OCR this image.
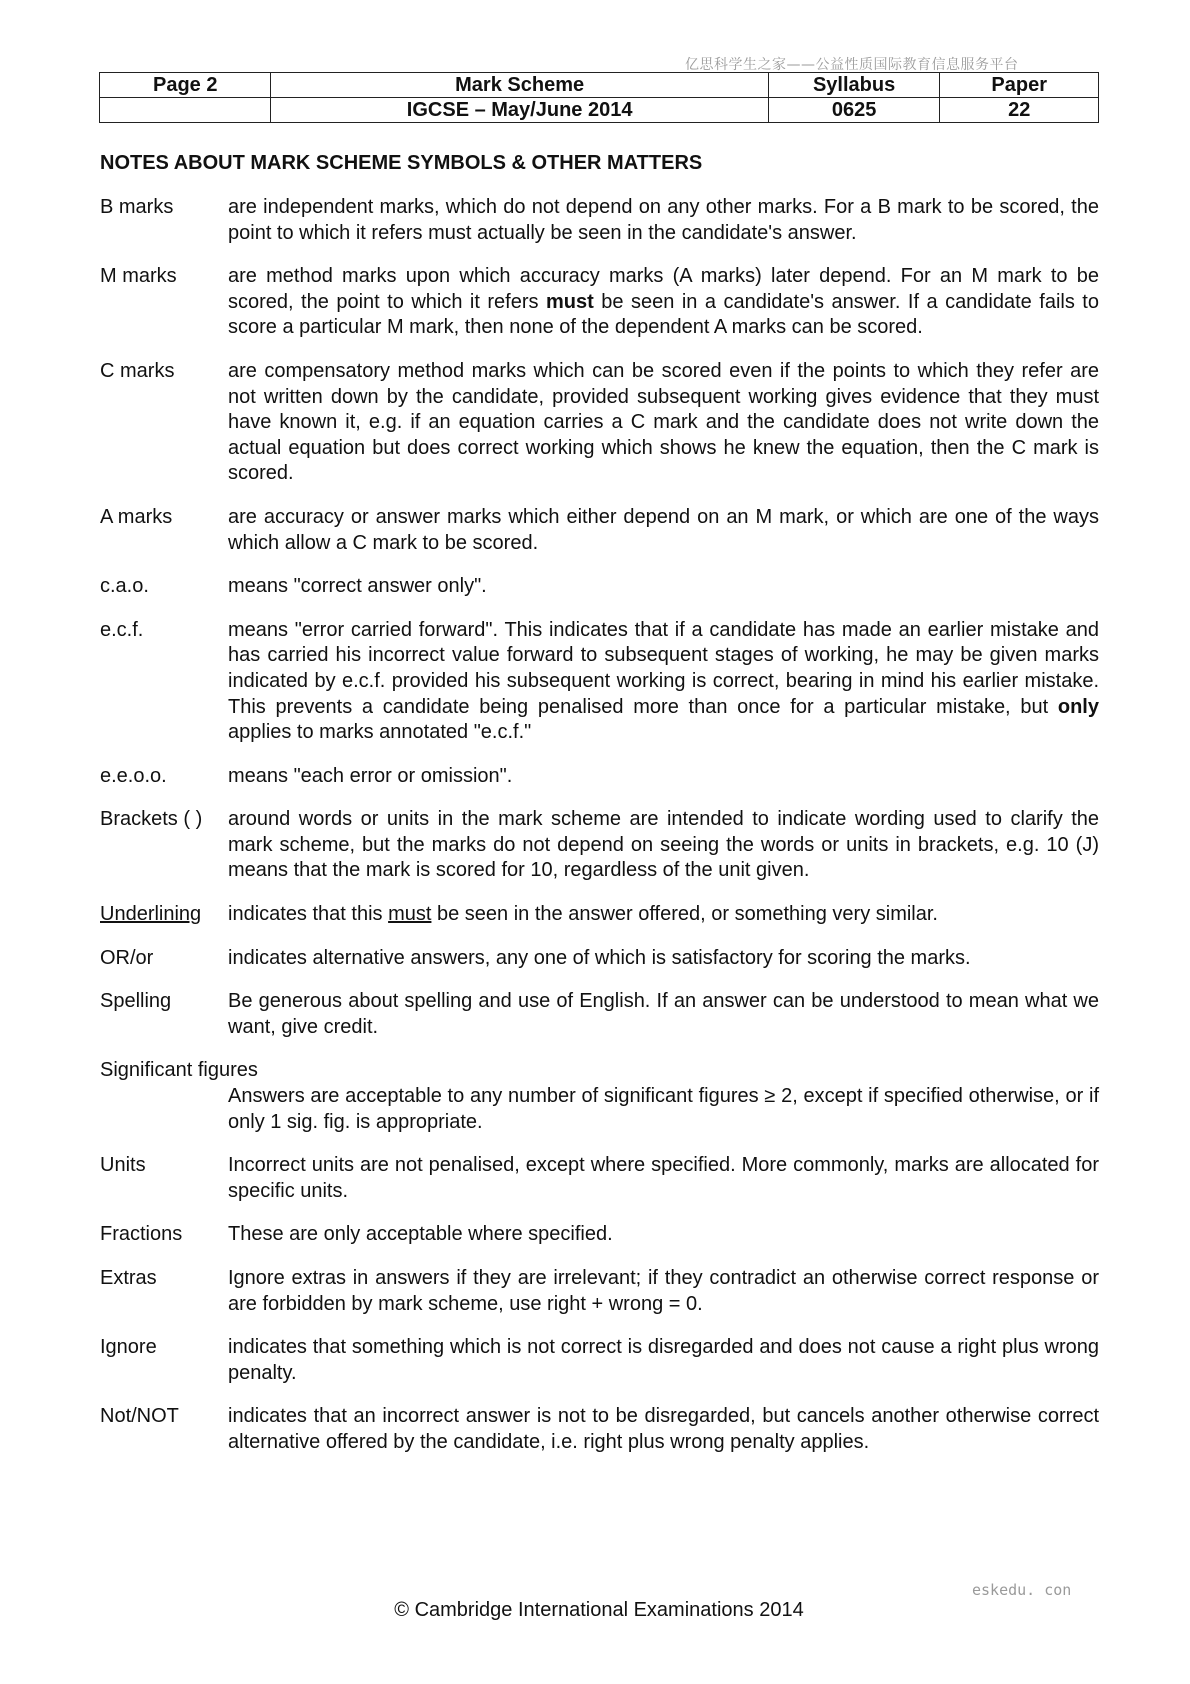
亿思科学生之家——公益性质国际教育信息服务平台
Page 2	Mark Scheme	Syllabus	Paper
	IGCSE – May/June 2014	0625	22
NOTES ABOUT MARK SCHEME SYMBOLS & OTHER MATTERS
B marks	are independent marks, which do not depend on any other marks. For a B mark to be scored, the point to which it refers must actually be seen in the candidate's answer.
M marks	are method marks upon which accuracy marks (A marks) later depend. For an M mark to be scored, the point to which it refers must be seen in a candidate's answer. If a candidate fails to score a particular M mark, then none of the dependent A marks can be scored.
C marks	are compensatory method marks which can be scored even if the points to which they refer are not written down by the candidate, provided subsequent working gives evidence that they must have known it, e.g. if an equation carries a C mark and the candidate does not write down the actual equation but does correct working which shows he knew the equation, then the C mark is scored.
A marks	are accuracy or answer marks which either depend on an M mark, or which are one of the ways which allow a C mark to be scored.
c.a.o.	means "correct answer only".
e.c.f.	means "error carried forward". This indicates that if a candidate has made an earlier mistake and has carried his incorrect value forward to subsequent stages of working, he may be given marks indicated by e.c.f. provided his subsequent working is correct, bearing in mind his earlier mistake. This prevents a candidate being penalised more than once for a particular mistake, but only applies to marks annotated "e.c.f."
e.e.o.o.	means "each error or omission".
Brackets ( )	around words or units in the mark scheme are intended to indicate wording used to clarify the mark scheme, but the marks do not depend on seeing the words or units in brackets, e.g. 10 (J) means that the mark is scored for 10, regardless of the unit given.
Underlining	indicates that this must be seen in the answer offered, or something very similar.
OR/or	indicates alternative answers, any one of which is satisfactory for scoring the marks.
Spelling	Be generous about spelling and use of English. If an answer can be understood to mean what we want, give credit.
Significant figures
Answers are acceptable to any number of significant figures ≥ 2, except if specified otherwise, or if only 1 sig. fig. is appropriate.
Units	Incorrect units are not penalised, except where specified. More commonly, marks are allocated for specific units.
Fractions	These are only acceptable where specified.
Extras	Ignore extras in answers if they are irrelevant; if they contradict an otherwise correct response or are forbidden by mark scheme, use right + wrong = 0.
Ignore	indicates that something which is not correct is disregarded and does not cause a right plus wrong penalty.
Not/NOT	indicates that an incorrect answer is not to be disregarded, but cancels another otherwise correct alternative offered by the candidate, i.e. right plus wrong penalty applies.
eskedu. con
© Cambridge International Examinations 2014
